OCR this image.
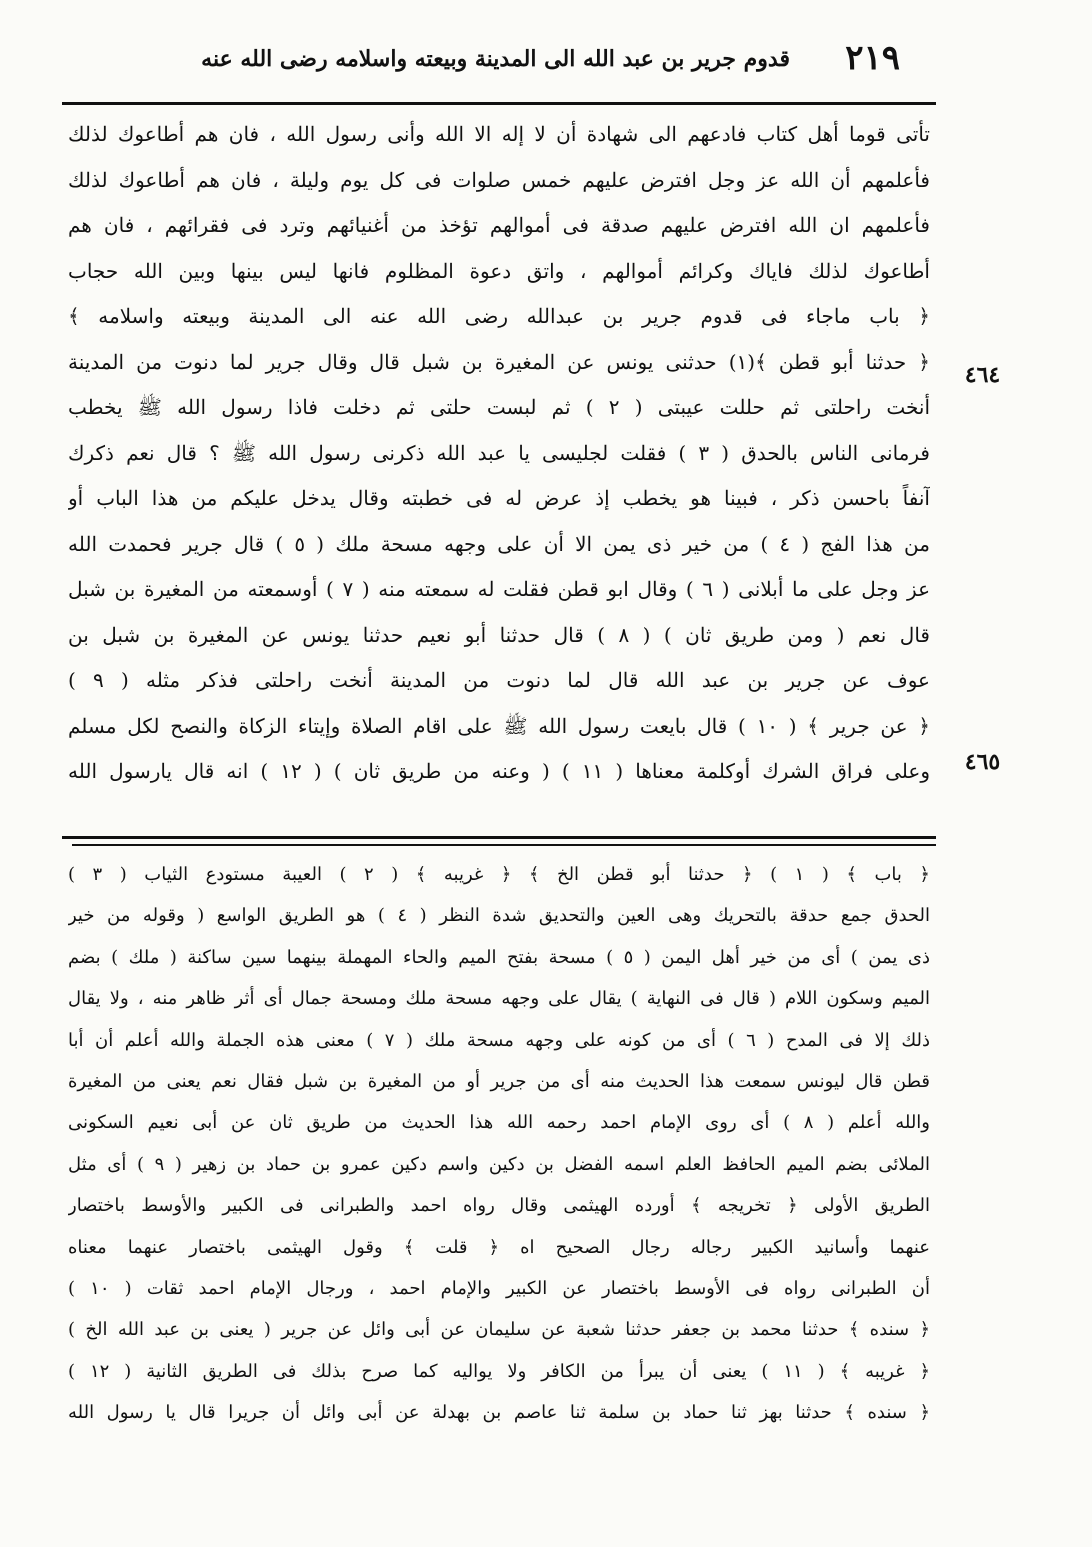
٢١٩
قدوم جرير بن عبد الله الى المدينة وبيعته واسلامه رضى الله عنه
تأتى قوما أهل كتاب فادعهم الى شهادة أن لا إله الا الله وأنى رسول الله ، فان هم أطاعوك لذلك
فأعلمهم أن الله عز وجل افترض عليهم خمس صلوات فى كل يوم وليلة ، فان هم أطاعوك لذلك
فأعلمهم ان الله افترض عليهم صدقة فى أموالهم تؤخذ من أغنيائهم وترد فى فقرائهم ، فان هم
أطاعوك لذلك فاياك وكرائم أموالهم ، واتق دعوة المظلوم فانها ليس بينها وبين الله حجاب
﴿ باب ماجاء فى قدوم جرير بن عبدالله رضى الله عنه الى المدينة وبيعته واسلامه ﴾
﴿ حدثنا أبو قطن ﴾(١) حدثنى يونس عن المغيرة بن شبل قال وقال جرير لما دنوت من المدينة
أنخت راحلتى ثم حللت عيبتى ( ٢ ) ثم لبست حلتى ثم دخلت فاذا رسول الله ﷺ يخطب
فرمانى الناس بالحدق ( ٣ ) فقلت لجليسى يا عبد الله ذكرنى رسول الله ﷺ ؟ قال نعم ذكرك
آنفاً باحسن ذكر ، فبينا هو يخطب إذ عرض له فى خطبته وقال يدخل عليكم من هذا الباب أو
من هذا الفج ( ٤ ) من خير ذى يمن الا أن على وجهه مسحة ملك ( ٥ ) قال جرير فحمدت الله
عز وجل على ما أبلانى ( ٦ ) وقال ابو قطن فقلت له سمعته منه ( ٧ ) أوسمعته من المغيرة بن شبل
قال نعم ( ومن طريق ثان ) ( ٨ ) قال حدثنا أبو نعيم حدثنا يونس عن المغيرة بن شبل بن
عوف عن جرير بن عبد الله قال لما دنوت من المدينة أنخت راحلتى فذكر مثله ( ٩ )
﴿ عن جرير ﴾ ( ١٠ ) قال بايعت رسول الله ﷺ على اقام الصلاة وإيتاء الزكاة والنصح لكل مسلم
وعلى فراق الشرك أوكلمة معناها ( ١١ ) ( وعنه من طريق ثان ) ( ١٢ ) انه قال يارسول الله
٤٦٤
٤٦٥
﴿ باب ﴾ ( ١ ) ﴿ حدثنا أبو قطن الخ ﴾ ﴿ غريبه ﴾ ( ٢ ) العيبة مستودع الثياب ( ٣ )
الحدق جمع حدقة بالتحريك وهى العين والتحديق شدة النظر ( ٤ ) هو الطريق الواسع ( وقوله من خير
ذى يمن ) أى من خير أهل اليمن ( ٥ ) مسحة بفتح الميم والحاء المهملة بينهما سين ساكنة ( ملك ) بضم
الميم وسكون اللام ( قال فى النهاية ) يقال على وجهه مسحة ملك ومسحة جمال أى أثر ظاهر منه ، ولا يقال
ذلك إلا فى المدح ( ٦ ) أى من كونه على وجهه مسحة ملك ( ٧ ) معنى هذه الجملة والله أعلم أن أبا
قطن قال ليونس سمعت هذا الحديث منه أى من جرير أو من المغيرة بن شبل فقال نعم يعنى من المغيرة
والله أعلم ( ٨ ) أى روى الإمام احمد رحمه الله هذا الحديث من طريق ثان عن أبى نعيم السكونى
الملائى بضم الميم الحافظ العلم اسمه الفضل بن دكين واسم دكين عمرو بن حماد بن زهير ( ٩ ) أى مثل
الطريق الأولى ﴿ تخريجه ﴾ أورده الهيثمى وقال رواه احمد والطبرانى فى الكبير والأوسط باختصار
عنهما وأسانيد الكبير رجاله رجال الصحيح اه ﴿ قلت ﴾ وقول الهيثمى باختصار عنهما معناه
أن الطبرانى رواه فى الأوسط باختصار عن الكبير والإمام احمد ، ورجال الإمام احمد ثقات ( ١٠ )
﴿ سنده ﴾ حدثنا محمد بن جعفر حدثنا شعبة عن سليمان عن أبى وائل عن جرير ( يعنى بن عبد الله الخ )
﴿ غريبه ﴾ ( ١١ ) يعنى أن يبرأ من الكافر ولا يواليه كما صرح بذلك فى الطريق الثانية ( ١٢ )
﴿ سنده ﴾ حدثنا بهز ثنا حماد بن سلمة ثنا عاصم بن بهدلة عن أبى وائل أن جريرا قال يا رسول الله
